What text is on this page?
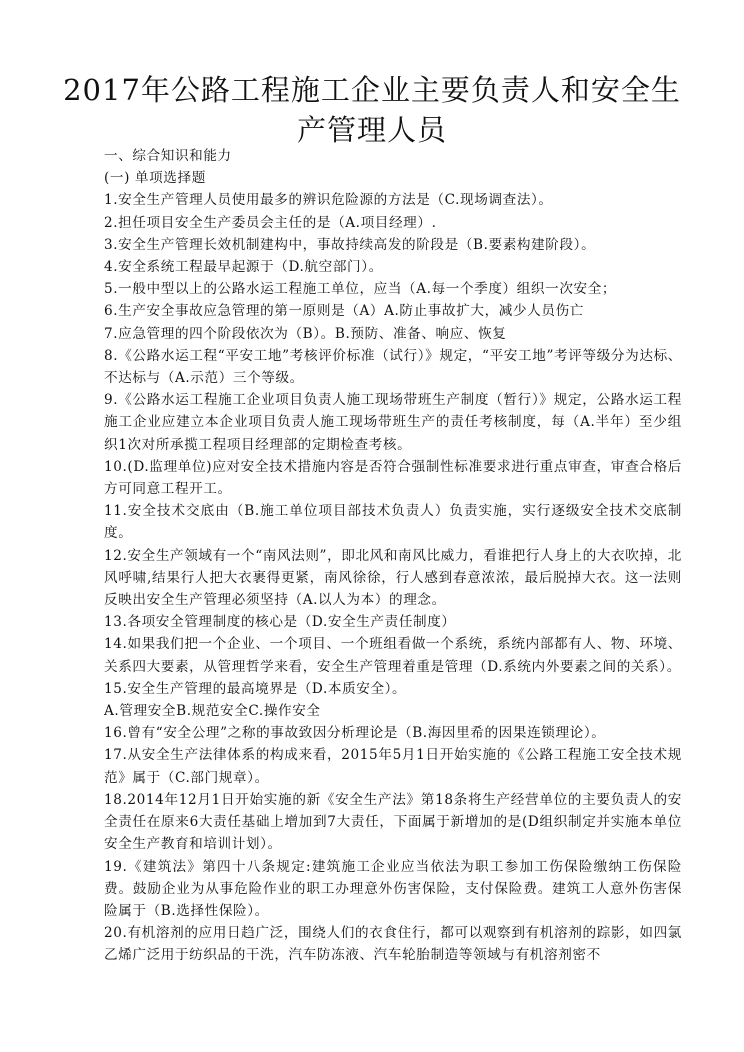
2017年公路工程施工企业主要负责人和安全生
产管理人员

一、综合知识和能力

(一) 单项选择题

1.安全生产管理人员使用最多的辨识危险源的方法是（C.现场调查法）。

2.担任项目安全生产委员会主任的是（A.项目经理）.

3.安全生产管理长效机制建构中，事故持续高发的阶段是（B.要素构建阶段）。

4.安全系统工程最早起源于（D.航空部门）。

5.一般中型以上的公路水运工程施工单位，应当（A.每一个季度）组织一次安全；

6.生产安全事故应急管理的第一原则是（A）A.防止事故扩大，减少人员伤亡

7.应急管理的四个阶段依次为（B）。B.预防、准备、响应、恢复

8.《公路水运工程“平安工地”考核评价标准（试行）》规定，“平安工地”考评等级分为达标、不达标与（A.示范）三个等级。

9.《公路水运工程施工企业项目负责人施工现场带班生产制度（暂行）》规定，公路水运工程施工企业应建立本企业项目负责人施工现场带班生产的责任考核制度，每（A.半年）至少组织1次对所承揽工程项目经理部的定期检查考核。

10.(D.监理单位)应对安全技术措施内容是否符合强制性标准要求进行重点审查，审查合格后方可同意工程开工。

11.安全技术交底由（B.施工单位项目部技术负责人）负责实施，实行逐级安全技术交底制度。

12.安全生产领域有一个“南风法则”，即北风和南风比威力，看谁把行人身上的大衣吹掉，北风呼啸,结果行人把大衣裹得更紧，南风徐徐，行人感到春意浓浓，最后脱掉大衣。这一法则反映出安全生产管理必须坚持（A.以人为本）的理念。

13.各项安全管理制度的核心是（D.安全生产责任制度）

14.如果我们把一个企业、一个项目、一个班组看做一个系统，系统内部都有人、物、环境、关系四大要素，从管理哲学来看，安全生产管理着重是管理（D.系统内外要素之间的关系）。

15.安全生产管理的最高境界是（D.本质安全）。

A.管理安全B.规范安全C.操作安全

16.曾有“安全公理”之称的事故致因分析理论是（B.海因里希的因果连锁理论）。

17.从安全生产法律体系的构成来看，2015年5月1日开始实施的《公路工程施工安全技术规范》属于（C.部门规章）。

18.2014年12月1日开始实施的新《安全生产法》第18条将生产经营单位的主要负责人的安全责任在原来6大责任基础上增加到7大责任，下面属于新增加的是(D组织制定并实施本单位安全生产教育和培训计划）。

19.《建筑法》第四十八条规定:建筑施工企业应当依法为职工参加工伤保险缴纳工伤保险费。鼓励企业为从事危险作业的职工办理意外伤害保险，支付保险费。建筑工人意外伤害保险属于（B.选择性保险）。

20.有机溶剂的应用日趋广泛，围绕人们的衣食住行，都可以观察到有机溶剂的踪影，如四氯乙烯广泛用于纺织品的干洗，汽车防冻液、汽车轮胎制造等领域与有机溶剂密不
